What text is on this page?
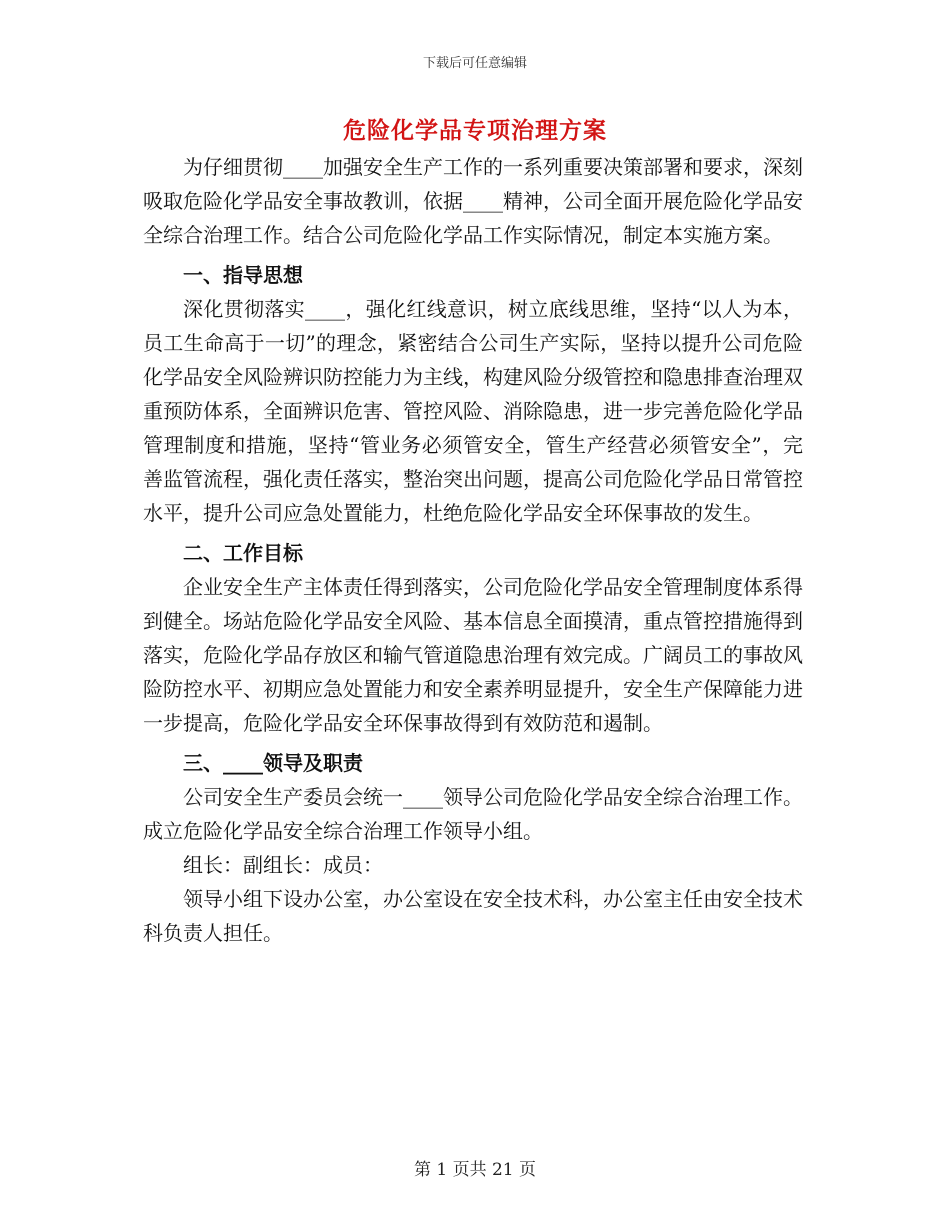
下载后可任意编辑
危险化学品专项治理方案

为仔细贯彻____加强安全生产工作的一系列重要决策部署和要求，深刻吸取危险化学品安全事故教训，依据____精神，公司全面开展危险化学品安全综合治理工作。结合公司危险化学品工作实际情况，制定本实施方案。

一、指导思想

深化贯彻落实____，强化红线意识，树立底线思维，坚持“以人为本，员工生命高于一切”的理念，紧密结合公司生产实际，坚持以提升公司危险化学品安全风险辨识防控能力为主线，构建风险分级管控和隐患排查治理双重预防体系，全面辨识危害、管控风险、消除隐患，进一步完善危险化学品管理制度和措施，坚持“管业务必须管安全，管生产经营必须管安全”，完善监管流程，强化责任落实，整治突出问题，提高公司危险化学品日常管控水平，提升公司应急处置能力，杜绝危险化学品安全环保事故的发生。

二、工作目标

企业安全生产主体责任得到落实，公司危险化学品安全管理制度体系得到健全。场站危险化学品安全风险、基本信息全面摸清，重点管控措施得到落实，危险化学品存放区和输气管道隐患治理有效完成。广阔员工的事故风险防控水平、初期应急处置能力和安全素养明显提升，安全生产保障能力进一步提高，危险化学品安全环保事故得到有效防范和遏制。

三、____领导及职责

公司安全生产委员会统一____领导公司危险化学品安全综合治理工作。成立危险化学品安全综合治理工作领导小组。

组长：副组长：成员：

领导小组下设办公室，办公室设在安全技术科，办公室主任由安全技术科负责人担任。

第 1 页共 21 页
